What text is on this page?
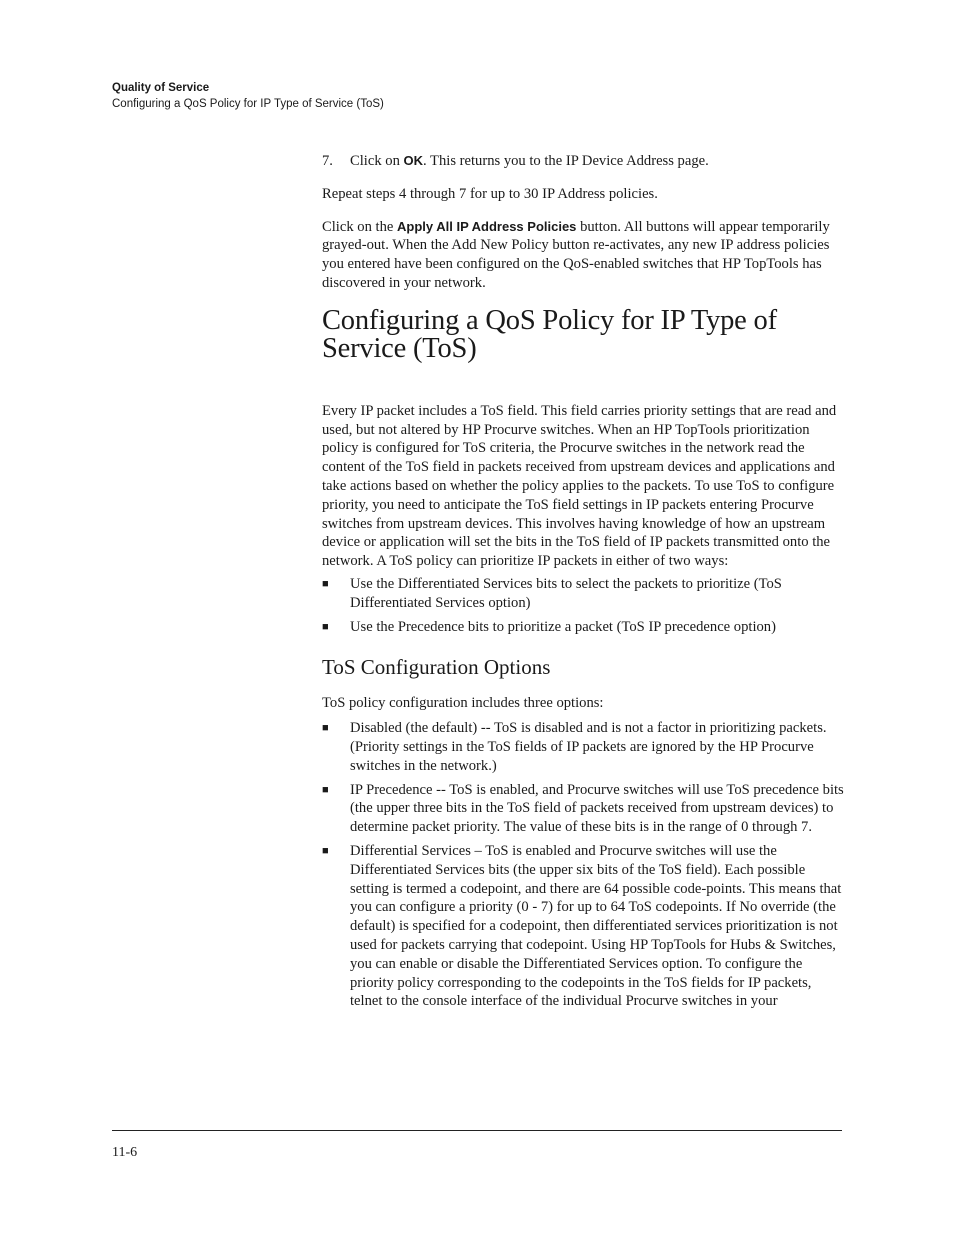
Quality of Service
Configuring a QoS Policy for IP Type of Service (ToS)

7.	Click on OK. This returns you to the IP Device Address page.

Repeat steps 4 through 7 for up to 30 IP Address policies.

Click on the Apply All IP Address Policies button. All buttons will appear temporarily grayed-out. When the Add New Policy button re-activates, any new IP address policies you entered have been configured on the QoS-enabled switches that HP TopTools has discovered in your network.

Configuring a QoS Policy for IP Type of Service (ToS)

Every IP packet includes a ToS field. This field carries priority settings that are read and used, but not altered by HP Procurve switches. When an HP TopTools prioritization policy is configured for ToS criteria, the Procurve switches in the network read the content of the ToS field in packets received from upstream devices and applications and take actions based on whether the policy applies to the packets. To use ToS to configure priority, you need to anticipate the ToS field settings in IP packets entering Procurve switches from upstream devices. This involves having knowledge of how an upstream device or application will set the bits in the ToS field of IP packets transmitted onto the network. A ToS policy can prioritize IP packets in either of two ways:

■	Use the Differentiated Services bits to select the packets to prioritize (ToS Differentiated Services option)
■	Use the Precedence bits to prioritize a packet (ToS IP precedence option)
ToS Configuration Options

ToS policy configuration includes three options:

■	Disabled (the default) -- ToS is disabled and is not a factor in prioritizing packets. (Priority settings in the ToS fields of IP packets are ignored by the HP Procurve switches in the network.)
■	IP Precedence -- ToS is enabled, and Procurve switches will use ToS precedence bits (the upper three bits in the ToS field of packets received from upstream devices) to determine packet priority. The value of these bits is in the range of 0 through 7.
■	Differential Services – ToS is enabled and Procurve switches will use the Differentiated Services bits (the upper six bits of the ToS field). Each possible setting is termed a codepoint, and there are 64 possible code-points. This means that you can configure a priority (0 - 7) for up to 64 ToS codepoints. If No override (the default) is specified for a codepoint, then differentiated services prioritization is not used for packets carrying that codepoint. Using HP TopTools for Hubs & Switches, you can enable or disable the Differentiated Services option. To configure the priority policy corresponding to the codepoints in the ToS fields for IP packets, telnet to the console interface of the individual Procurve switches in your
11-6
